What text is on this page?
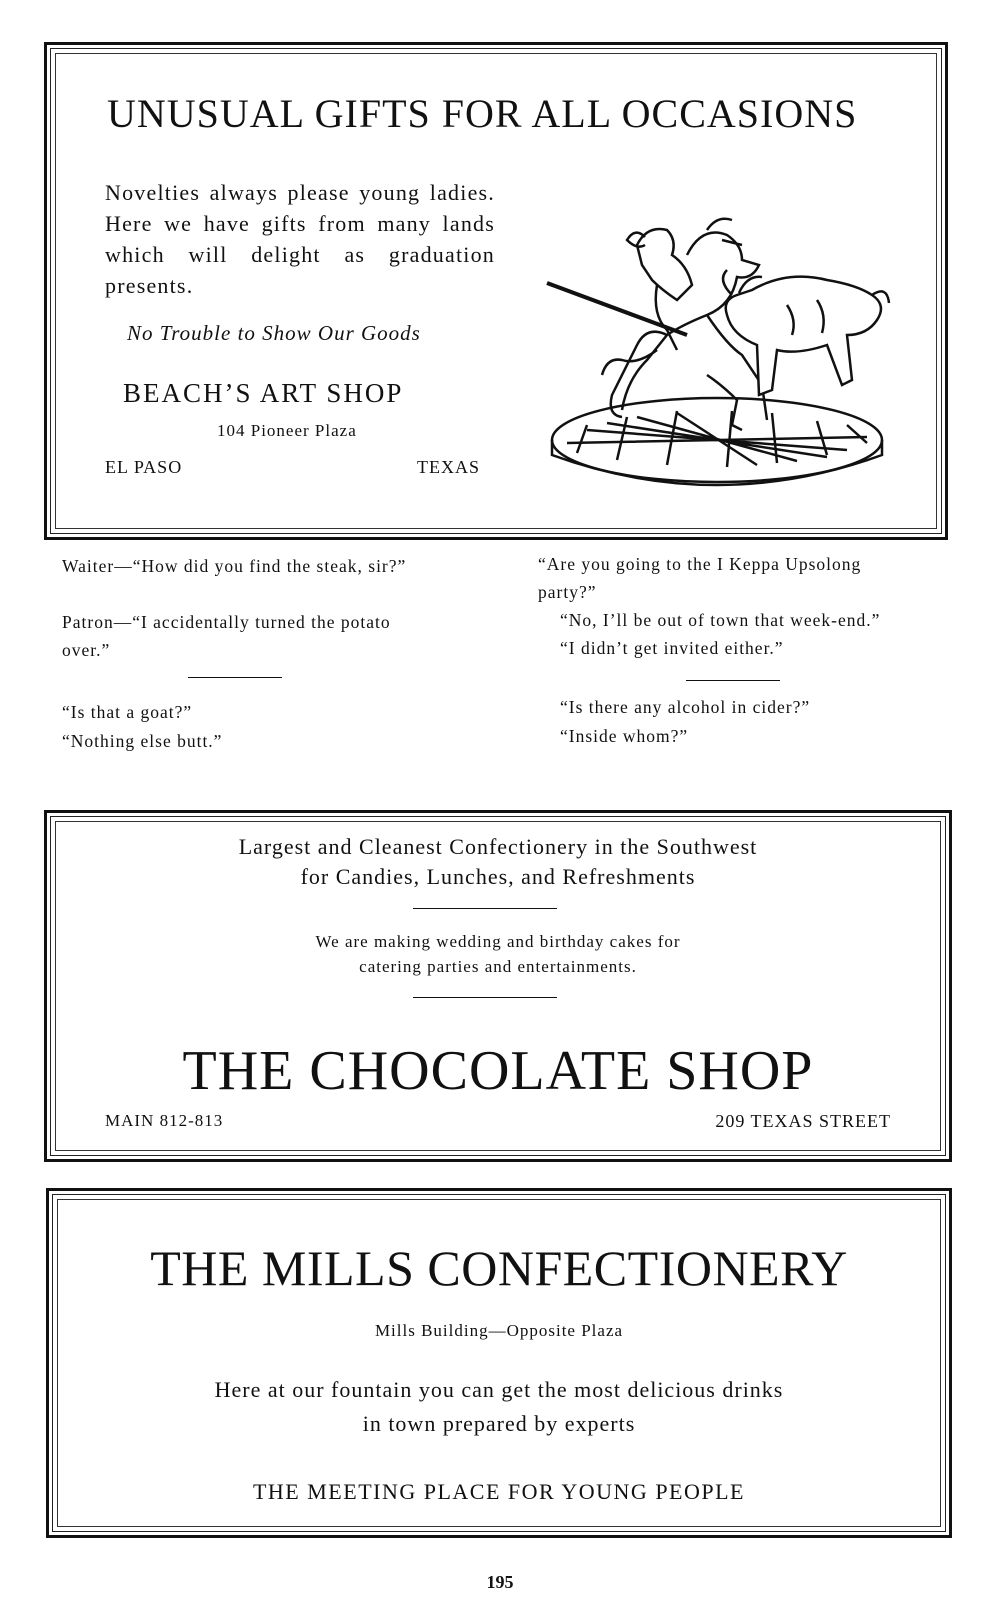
UNUSUAL GIFTS FOR ALL OCCASIONS

Novelties always please young ladies. Here we have gifts from many lands which will delight as graduation presents.

No Trouble to Show Our Goods

BEACH’S ART SHOP

104 Pioneer Plaza

EL PASO	TEXAS

Waiter—“How did you find the steak, sir?”

Patron—“I accidentally turned the potato over.”

“Is that a goat?”

“Nothing else butt.”

“Are you going to the I Keppa Upsolong party?”

“No, I’ll be out of town that week-end.”

“I didn’t get invited either.”

“Is there any alcohol in cider?”

“Inside whom?”

Largest and Cleanest Confectionery in the Southwest

for Candies, Lunches, and Refreshments

We are making wedding and birthday cakes for

catering parties and entertainments.

THE CHOCOLATE SHOP

MAIN 812-813	209 TEXAS STREET

THE MILLS CONFECTIONERY

Mills Building—Opposite Plaza

Here at our fountain you can get the most delicious drinks
in town prepared by experts

THE MEETING PLACE FOR YOUNG PEOPLE

195
